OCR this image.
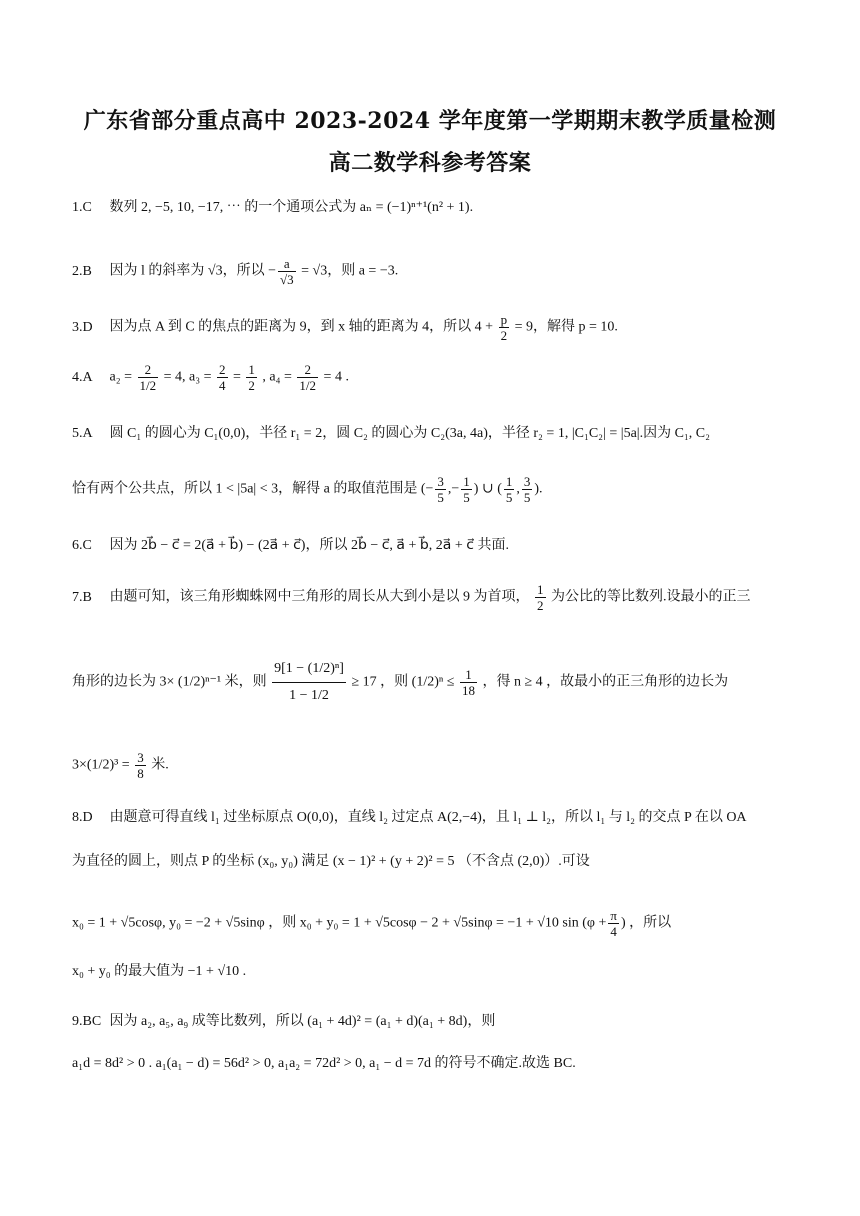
广东省部分重点高中 2023-2024 学年度第一学期期末教学质量检测
高二数学科参考答案
1.C 数列 2, −5, 10, −17, ⋯ 的一个通项公式为 aₙ = (−1)ⁿ⁺¹(n² + 1).
2.B 因为 l 的斜率为 √3，所以 − $\frac{a}{√3} = √3$，则 a = −3.
3.D 因为点 A 到 C 的焦点的距离为 9，到 x 轴的距离为 4，所以 $4 + \frac{p}{2} = 9$，解得 p = 10.
4.A $a_2 = \frac{2}{1/2} = 4$, $a_3 = \frac{2}{4} = \frac{1}{2}$ , $a_4 = \frac{2}{1/2} = 4$ .
5.A 圆 C₁ 的圆心为 C₁(0,0)，半径 r₁ = 2，圆 C₂ 的圆心为 C₂(3a, 4a)，半径 r₂ = 1, |C₁C₂| = |5a|.因为 C₁, C₂
恰有两个公共点，所以 1 < |5a| < 3，解得 a 的取值范围是 (− $\frac{3}{5}$ ,− $\frac{1}{5}$ ) ∪ ( $\frac{1}{5}$ , $\frac{3}{5}$ ).
6.C 因为 2b⃗ − c⃗ = 2(a⃗ + b⃗) − (2a⃗ + c⃗)，所以 2b⃗ − c⃗, a⃗ + b⃗, 2a⃗ + c⃗ 共面.
7.B 由题可知，该三角形蜘蛛网中三角形的周长从大到小是以 9 为首项， $\frac{1}{2}$ 为公比的等比数列.设最小的正三
角形的边长为 3× (1/2)ⁿ⁻¹ 米，则 $\frac{\text{9[1 − (1/2)ⁿ]}}{1 - 1/2} \ge 17$ ，则 $(1/2)^n \le \frac{1}{18}$ ，得 n ≥ 4 ，故最小的正三角形的边长为
$3\times(1/2)^3 = \frac{3}{8}$ 米.
8.D 由题意可得直线 l₁ 过坐标原点 O(0,0)，直线 l₂ 过定点 A(2,−4)，且 l₁ ⊥ l₂，所以 l₁ 与 l₂ 的交点 P 在以 OA
为直径的圆上，则点 P 的坐标 (x₀, y₀) 满足 (x − 1)² + (y + 2)² = 5 （不含点 (2,0)）.可设
x₀ = 1 + √5cosφ, y₀ = −2 + √5sinφ ，则 x₀ + y₀ = 1 + √5cosφ − 2 + √5sinφ = −1 + √10 $\sin (\varphi + \frac{\pi}{4}$ ) ，所以
x₀ + y₀ 的最大值为 −1 + √10 .
9.BC 因为 a₂, a₅, a₉ 成等比数列，所以 (a₁ + 4d)² = (a₁ + d)(a₁ + 8d)，则
a₁d = 8d² > 0 . a₁(a₁ − d) = 56d² > 0, a₁a₂ = 72d² > 0, a₁ − d = 7d 的符号不确定.故选 BC.
